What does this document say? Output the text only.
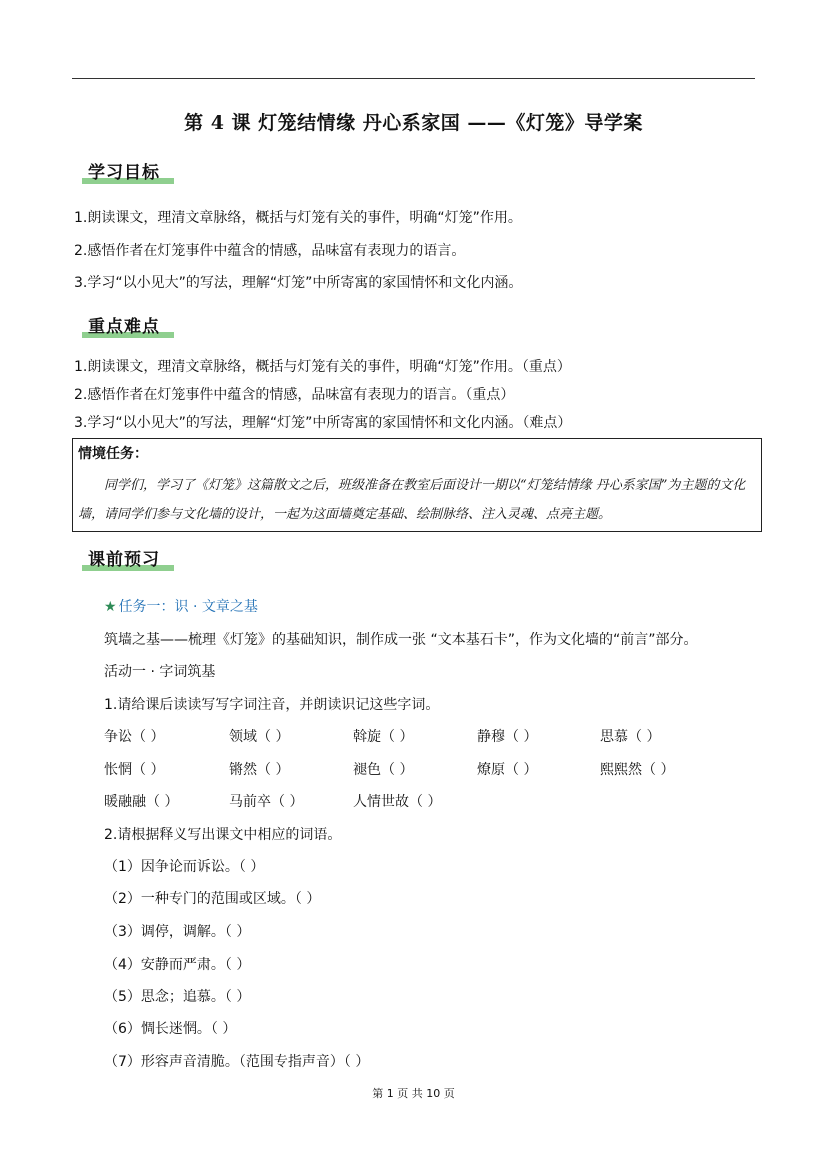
第 4 课 灯笼结情缘 丹心系家国 ——《灯笼》导学案
学习目标
1.朗读课文，理清文章脉络，概括与灯笼有关的事件，明确“灯笼”作用。
2.感悟作者在灯笼事件中蕴含的情感，品味富有表现力的语言。
3.学习“以小见大”的写法，理解“灯笼”中所寄寓的家国情怀和文化内涵。
重点难点
1.朗读课文，理清文章脉络，概括与灯笼有关的事件，明确“灯笼”作用。（重点）
2.感悟作者在灯笼事件中蕴含的情感，品味富有表现力的语言。（重点）
3.学习“以小见大”的写法，理解“灯笼”中所寄寓的家国情怀和文化内涵。（难点）
情境任务：
同学们，学习了《灯笼》这篇散文之后，班级准备在教室后面设计一期以“灯笼结情缘 丹心系家国”为主题的文化墙，请同学们参与文化墙的设计，一起为这面墙奠定基础、绘制脉络、注入灵魂、点亮主题。
课前预习
★ 任务一：识 · 文章之基
筑墙之基——梳理《灯笼》的基础知识，制作成一张 “文本基石卡”，作为文化墙的“前言”部分。
活动一 · 字词筑基
1.请给课后读读写写字词注音，并朗读识记这些字词。
争讼（ ）	领域（ ）	斡旋（ ）	静穆（ ）	思慕（ ）
怅惘（ ）	锵然（ ）	褪色（ ）	燎原（ ）	熙熙然（ ）
暖融融（ ）	马前卒（ ）	人情世故（ ）
2.请根据释义写出课文中相应的词语。
（1）因争论而诉讼。（ ）
（2）一种专门的范围或区域。（ ）
（3）调停，调解。（ ）
（4）安静而严肃。（ ）
（5）思念；追慕。（ ）
（6）惆长迷惘。（ ）
（7）形容声音清脆。（范围专指声音）（ ）
第 1 页 共 10 页
